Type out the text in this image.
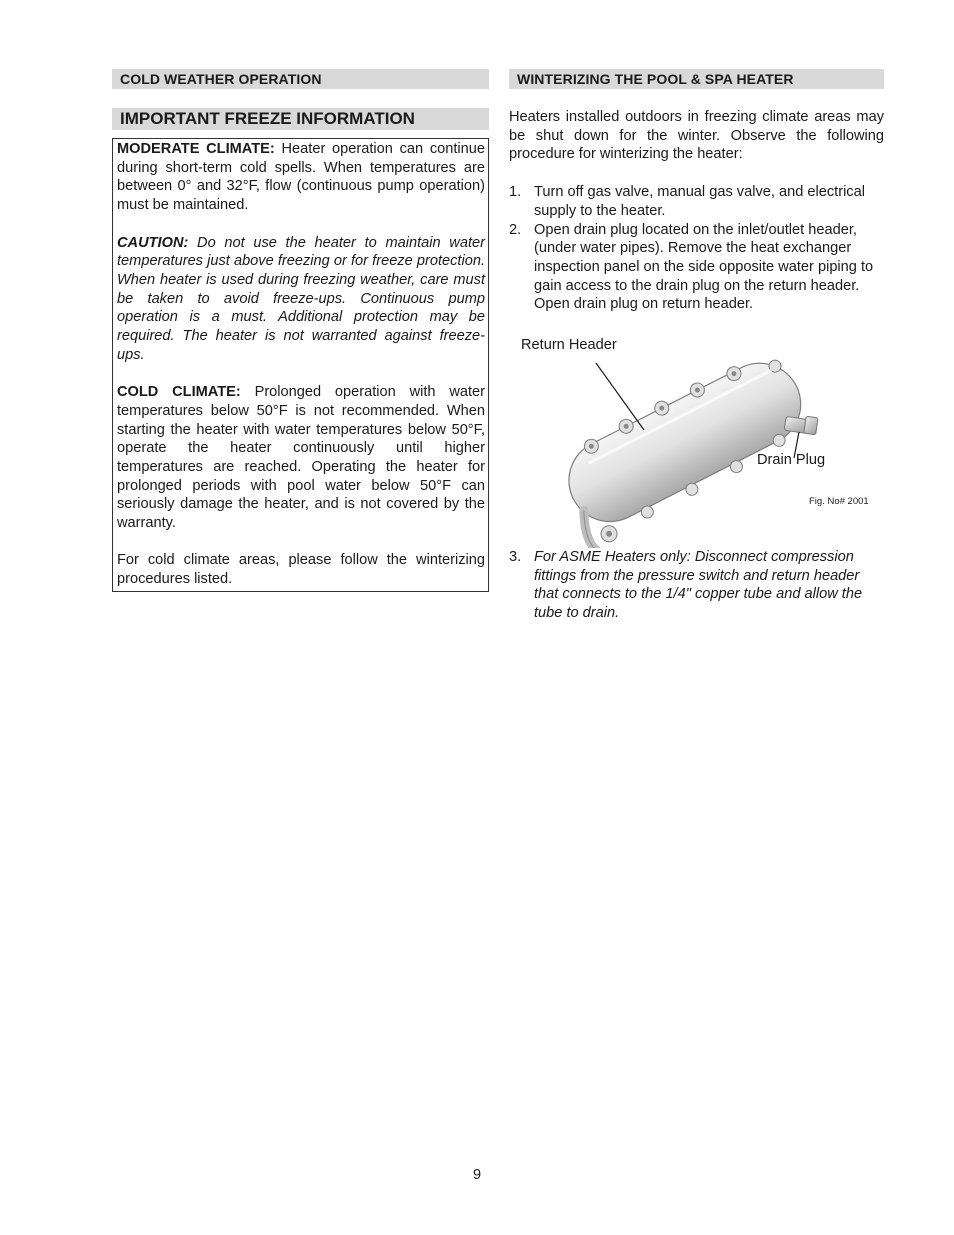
COLD WEATHER OPERATION
IMPORTANT FREEZE INFORMATION

MODERATE CLIMATE: Heater operation can continue during short-term cold spells. When temperatures are between 0° and 32°F, flow (continuous pump operation) must be maintained.

CAUTION: Do not use the heater to maintain water temperatures just above freezing or for freeze protection. When heater is used during freezing weather, care must be taken to avoid freeze-ups. Continuous pump operation is a must. Additional protection may be required. The heater is not warranted against freeze-ups.

COLD CLIMATE: Prolonged operation with water temperatures below 50°F is not recommended. When starting the heater with water temperatures below 50°F, operate the heater continuously until higher temperatures are reached. Operating the heater for prolonged periods with pool water below 50°F can seriously damage the heater, and is not covered by the warranty.

For cold climate areas, please follow the winterizing procedures listed.

WINTERIZING THE POOL & SPA HEATER
Heaters installed outdoors in freezing climate areas may be shut down for the winter. Observe the following procedure for winterizing the heater:
1. Turn off gas valve, manual gas valve, and electrical supply to the heater.
2. Open drain plug located on the inlet/outlet header, (under water pipes). Remove the heat exchanger inspection panel on the side opposite water piping to gain access to the drain plug on the return header. Open drain plug on return header.
Return Header
Drain Plug
Fig. No# 2001
3. For ASME Heaters only: Disconnect compression fittings from the pressure switch and return header that connects to the 1/4" copper tube and allow the tube to drain.
9
